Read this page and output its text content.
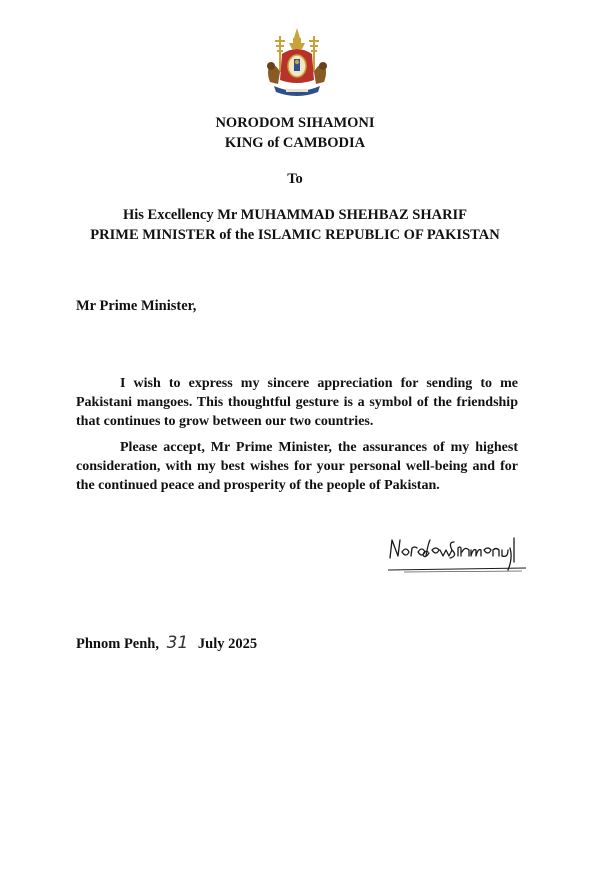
NORODOM SIHAMONI
KING of CAMBODIA
To
His Excellency Mr MUHAMMAD SHEHBAZ SHARIF
PRIME MINISTER of the ISLAMIC REPUBLIC OF PAKISTAN
Mr Prime Minister,

I wish to express my sincere appreciation for sending to me Pakistani mangoes. This thoughtful gesture is a symbol of the friendship that continues to grow between our two countries.

Please accept, Mr Prime Minister, the assurances of my highest consideration, with my best wishes for your personal well-being and for the continued peace and prosperity of the people of Pakistan.

Phnom Penh, 31 July 2025
